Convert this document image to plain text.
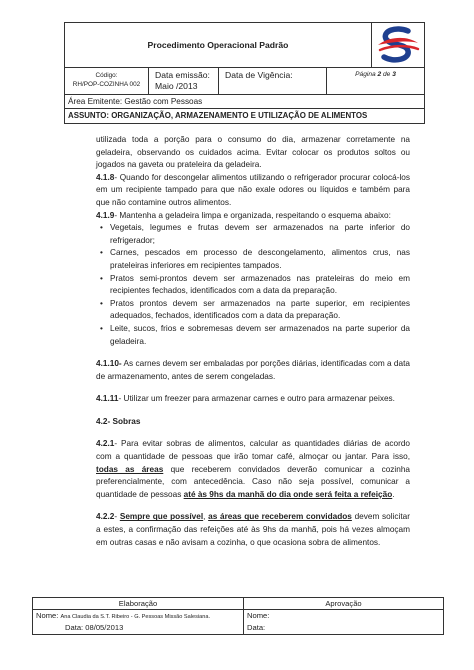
Procedimento Operacional Padrão
Código:
RH/POP-COZINHA 002
Data emissão:
Maio /2013
Data de Vigência:	Página 2 de 3
Área Emitente: Gestão com Pessoas
ASSUNTO: ORGANIZAÇÃO, ARMAZENAMENTO E UTILIZAÇÃO DE ALIMENTOS

utilizada toda a porção para o consumo do dia, armazenar corretamente na geladeira, observando os cuidados acima. Evitar colocar os produtos soltos ou jogados na gaveta ou prateleira da geladeira.

4.1.8- Quando for descongelar alimentos utilizando o refrigerador procurar colocá-los em um recipiente tampado para que não exale odores ou líquidos e também para que não contamine outros alimentos.

4.1.9- Mantenha a geladeira limpa e organizada, respeitando o esquema abaixo:

• Vegetais, legumes e frutas devem ser armazenados na parte inferior do refrigerador;
• Carnes, pescados em processo de descongelamento, alimentos crus, nas prateleiras inferiores em recipientes tampados.
• Pratos semi-prontos devem ser armazenados nas prateleiras do meio em recipientes fechados, identificados com a data da preparação.
• Pratos prontos devem ser armazenados na parte superior, em recipientes adequados, fechados, identificados com a data da preparação.
• Leite, sucos, frios e sobremesas devem ser armazenados na parte superior da geladeira.

4.1.10- As carnes devem ser embaladas por porções diárias, identificadas com a data de armazenamento, antes de serem congeladas.

4.1.11- Utilizar um freezer para armazenar carnes e outro para armazenar peixes.

4.2- Sobras

4.2.1- Para evitar sobras de alimentos, calcular as quantidades diárias de acordo com a quantidade de pessoas que irão tomar café, almoçar ou jantar. Para isso, todas as áreas que receberem convidados deverão comunicar a cozinha preferencialmente, com antecedência. Caso não seja possível, comunicar a quantidade de pessoas até às 9hs da manhã do dia onde será feita a refeição.

4.2.2- Sempre que possível, as áreas que receberem convidados devem solicitar a estes, a confirmação das refeições até às 9hs da manhã, pois há vezes almoçam em outras casas e não avisam a cozinha, o que ocasiona sobra de alimentos.

Elaboração
Nome: Ana Claudia da S.T. Ribeiro - G. Pessoas Missão Salesiana.
Data: 08/05/2013
Aprovação
Nome:
Data:
